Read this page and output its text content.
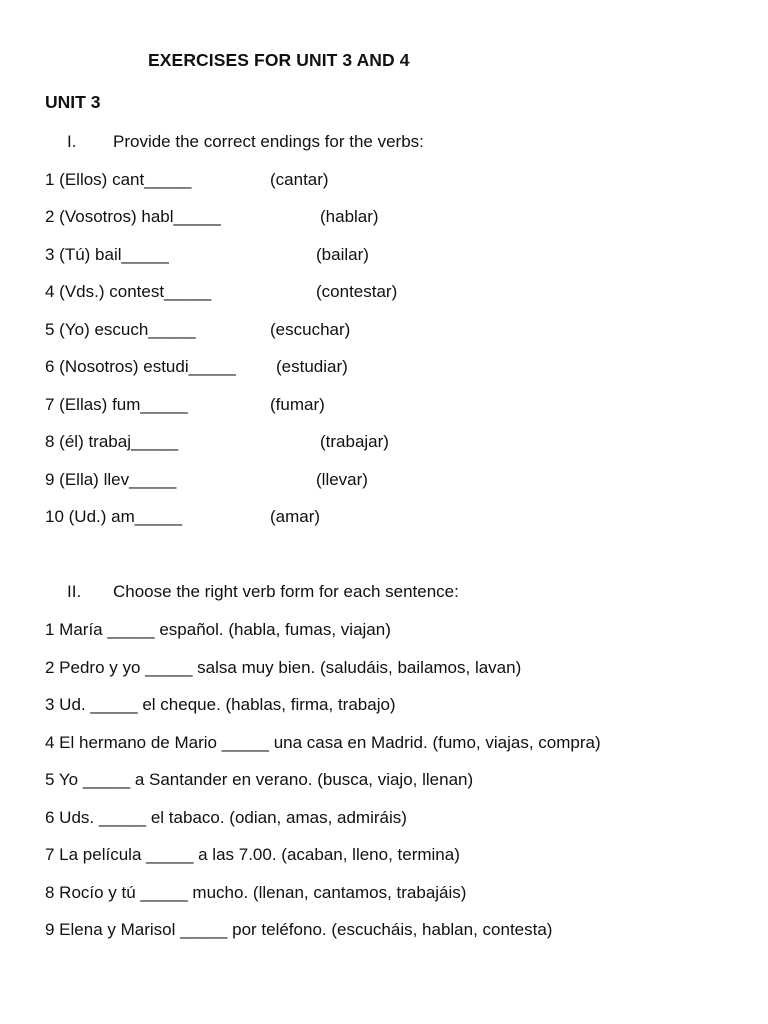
EXERCISES FOR UNIT 3 AND 4
UNIT 3
I. Provide the correct endings for the verbs:
1 (Ellos) cant_____	(cantar)
2 (Vosotros) habl_____	(hablar)
3 (Tú) bail_____	(bailar)
4 (Vds.) contest_____	(contestar)
5 (Yo) escuch_____	(escuchar)
6 (Nosotros) estudi_____ (estudiar)
7 (Ellas) fum_____	(fumar)
8 (él) trabaj_____	(trabajar)
9 (Ella) llev_____	(llevar)
10 (Ud.) am_____	(amar)
II. Choose the right verb form for each sentence:
1 María _____ español. (habla, fumas, viajan)
2 Pedro y yo _____ salsa muy bien. (saludáis, bailamos, lavan)
3 Ud. _____ el cheque. (hablas, firma, trabajo)
4 El hermano de Mario _____ una casa en Madrid. (fumo, viajas, compra)
5 Yo _____ a Santander en verano. (busca, viajo, llenan)
6 Uds. _____ el tabaco. (odian, amas, admiráis)
7 La película _____ a las 7.00. (acaban, lleno, termina)
8 Rocío y tú _____ mucho. (llenan, cantamos, trabajáis)
9 Elena y Marisol _____ por teléfono. (escucháis, hablan, contesta)
